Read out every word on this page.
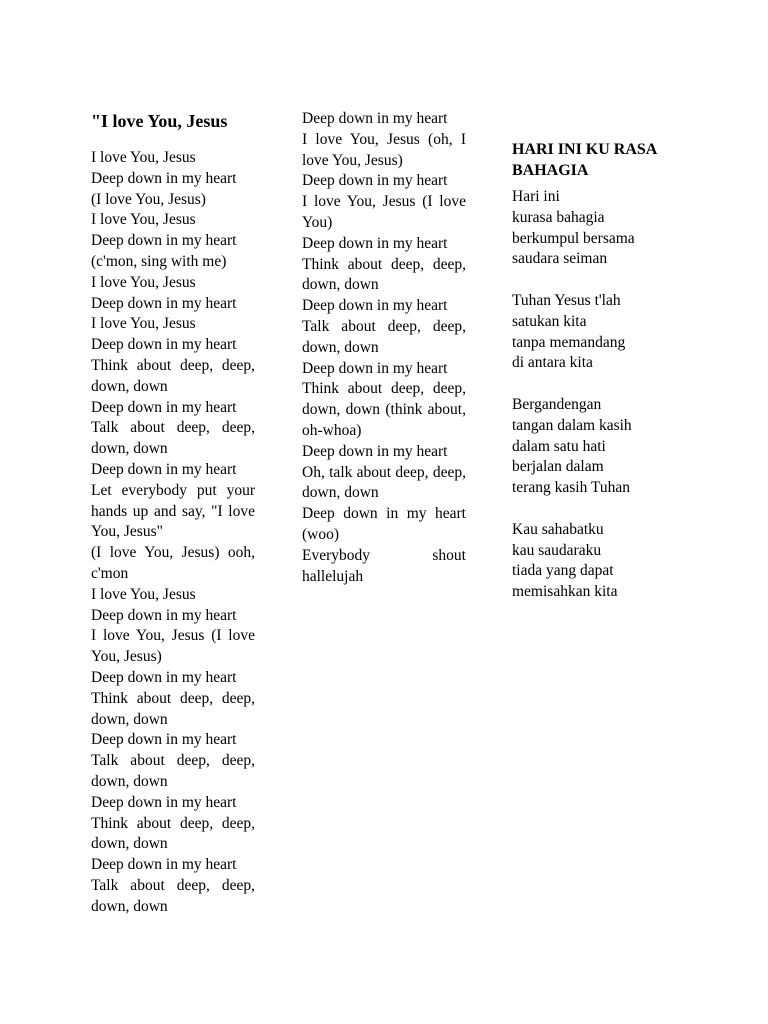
"I love You, Jesus
I love You, Jesus
Deep down in my heart
(I love You, Jesus)
I love You, Jesus
Deep down in my heart
(c'mon, sing with me)
I love You, Jesus
Deep down in my heart
I love You, Jesus
Deep down in my heart
Think about deep, deep, down, down
Deep down in my heart
Talk about deep, deep, down, down
Deep down in my heart
Let everybody put your hands up and say, "I love You, Jesus"
(I love You, Jesus) ooh, c'mon
I love You, Jesus
Deep down in my heart
I love You, Jesus (I love You, Jesus)
Deep down in my heart
Think about deep, deep, down, down
Deep down in my heart
Talk about deep, deep, down, down
Deep down in my heart
Think about deep, deep, down, down
Deep down in my heart
Talk about deep, deep, down, down
Deep down in my heart
I love You, Jesus (oh, I love You, Jesus)
Deep down in my heart
I love You, Jesus (I love You)
Deep down in my heart
Think about deep, deep, down, down
Deep down in my heart
Talk about deep, deep, down, down
Deep down in my heart
Think about deep, deep, down, down (think about, oh-whoa)
Deep down in my heart
Oh, talk about deep, deep, down, down
Deep down in my heart (woo)
Everybody shout hallelujah
HARI INI KU RASA BAHAGIA
Hari ini
kurasa bahagia
berkumpul bersama
saudara seiman
Tuhan Yesus t'lah
satukan kita
tanpa memandang
di antara kita
Bergandengan
tangan dalam kasih
dalam satu hati
berjalan dalam
terang kasih Tuhan
Kau sahabatku
kau saudaraku
tiada yang dapat
memisahkan kita
